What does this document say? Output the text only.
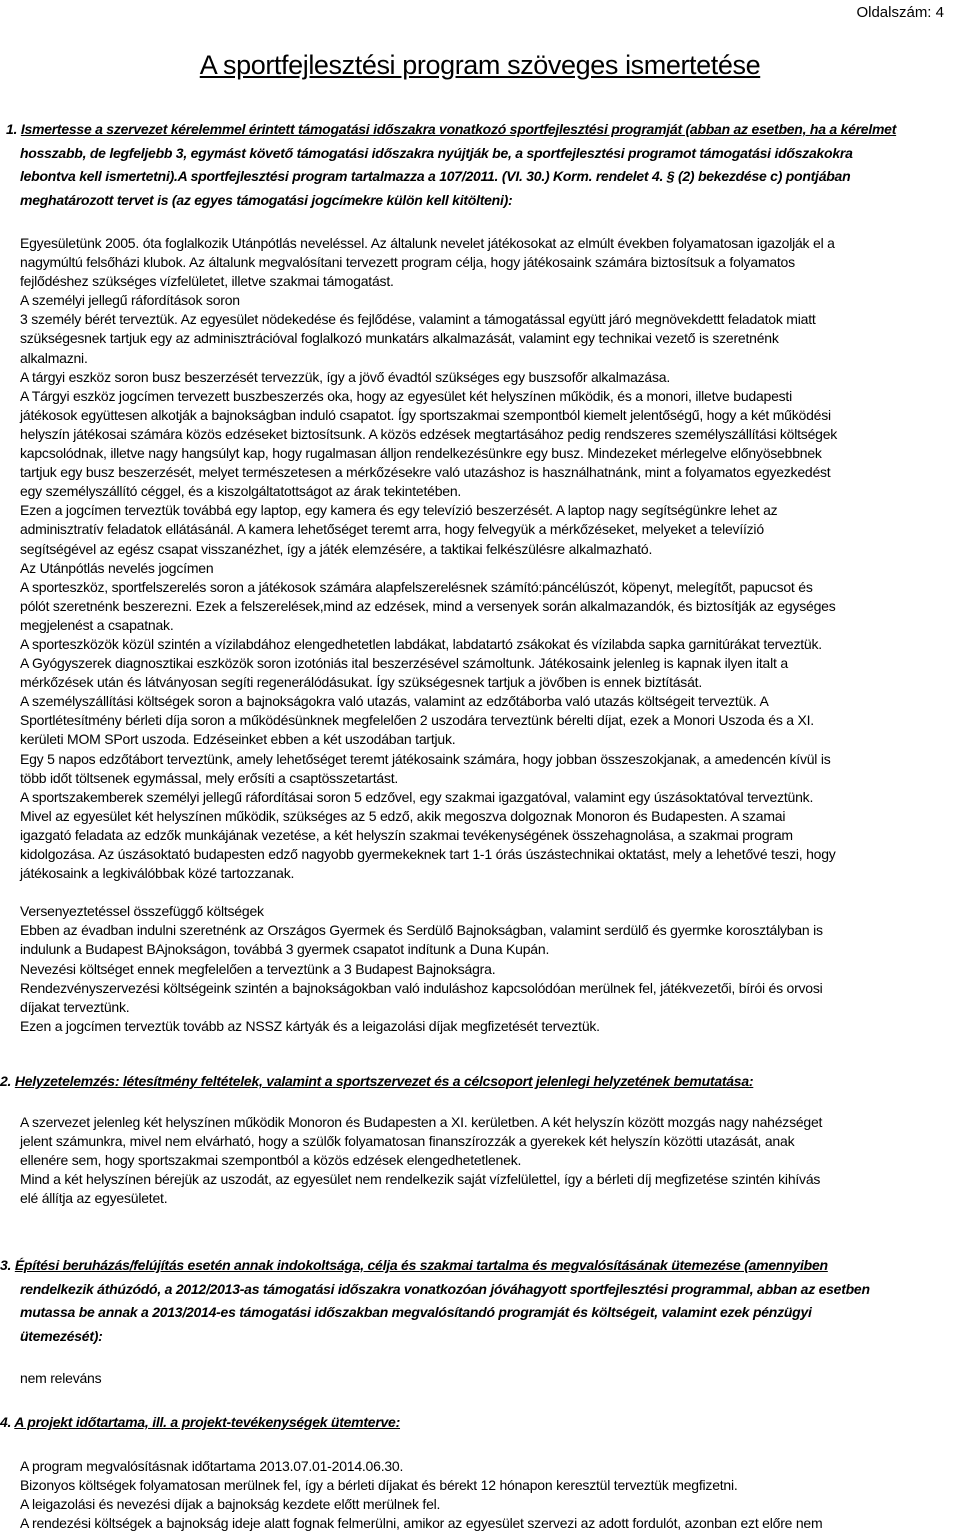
Oldalszám: 4
A sportfejlesztési program szöveges ismertetése
1. Ismertesse a szervezet kérelemmel érintett támogatási időszakra vonatkozó sportfejlesztési programját (abban az esetben, ha a kérelmet
hosszabb, de legfeljebb 3, egymást követő támogatási időszakra nyújtják be, a sportfejlesztési programot támogatási időszakokra
lebontva kell ismertetni).A sportfejlesztési program tartalmazza a 107/2011. (VI. 30.) Korm. rendelet 4. § (2) bekezdése c) pontjában
meghatározott tervet is (az egyes támogatási jogcímekre külön kell kitölteni):
Egyesületünk 2005. óta foglalkozik Utánpótlás neveléssel. Az általunk nevelet játékosokat az elmúlt években folyamatosan igazolják el a
nagymúltú felsőházi klubok. Az általunk megvalósítani tervezett program célja, hogy játékosaink számára biztosítsuk a folyamatos
fejlődéshez szükséges vízfelületet, illetve szakmai támogatást.
A személyi jellegű ráfordítások soron
3 személy bérét terveztük. Az egyesület nödekedése és fejlődése, valamint a támogatással együtt járó megnövekdettt feladatok miatt
szükségesnek tartjuk egy az adminisztrációval foglalkozó munkatárs alkalmazását, valamint egy technikai vezető is szeretnénk
alkalmazni.
A tárgyi eszköz soron busz beszerzését tervezzük, így a jövő évadtól szükséges egy buszsofőr alkalmazása.
A Tárgyi eszköz jogcímen tervezett buszbeszerzés oka, hogy az egyesület két helyszínen működik, és a monori, illetve budapesti
játékosok együttesen alkotják a bajnokságban induló csapatot. Így sportszakmai szempontból kiemelt jelentőségű, hogy a két működési
helyszín játékosai számára közös edzéseket biztosítsunk. A közös edzések megtartásához pedig rendszeres személyszállítási költségek
kapcsolódnak, illetve nagy hangsúlyt kap, hogy rugalmasan álljon rendelkezésünkre egy busz. Mindezeket mérlegelve előnyösebbnek
tartjuk egy busz beszerzését, melyet természetesen a mérkőzésekre való utazáshoz is használhatnánk, mint a folyamatos egyezkedést
egy személyszállító céggel, és a kiszolgáltatottságot az árak tekintetében.
Ezen a jogcímen terveztük továbbá egy laptop, egy kamera és egy televízió beszerzését. A laptop nagy segítségünkre lehet az
adminisztratív feladatok ellátásánál. A kamera lehetőséget teremt arra, hogy felvegyük a mérkőzéseket, melyeket a televíízió
segítségével az egész csapat visszanézhet, így a játék elemzésére, a taktikai felkészülésre alkalmazható.
Az Utánpótlás nevelés jogcímen
A sporteszköz, sportfelszerelés soron a játékosok számára alapfelszerelésnek számító:páncélúszót, köpenyt, melegítőt, papucsot és
pólót szeretnénk beszerezni. Ezek a felszerelések,mind az edzések, mind a versenyek során alkalmazandók, és biztosítják az egységes
megjelenést a csapatnak.
A sporteszközök közül szintén a vízilabdához elengedhetetlen labdákat, labdatartó zsákokat és vízilabda sapka garnitúrákat terveztük.
A Gyógyszerek diagnosztikai eszközök soron izotóniás ital beszerzésével számoltunk. Játékosaink jelenleg is kapnak ilyen italt a
mérkőzések után és látványosan segíti regenerálódásukat. Így szükségesnek tartjuk a jövőben is ennek biztítását.
A személyszállítási költségek soron a bajnokságokra való utazás, valamint az edzőtáborba való utazás költségeit terveztük. A
Sportlétesítmény bérleti díja soron a működésünknek megfelelően 2 uszodára terveztünk bérelti díjat, ezek a Monori Uszoda és a XI.
kerületi MOM SPort uszoda. Edzéseinket ebben a két uszodában tartjuk.
Egy 5 napos edzőtábort terveztünk, amely lehetőséget teremt játékosaink számára, hogy jobban összeszokjanak, a amedencén kívül is
több időt töltsenek egymással, mely erősíti a csaptösszetartást.
A sportszakemberek személyi jellegű ráfordításai soron 5 edzővel, egy szakmai igazgatóval, valamint egy úszásoktatóval terveztünk.
Mivel az egyesület két helyszínen működik, szükséges az 5 edző, akik megoszva dolgoznak Monoron és Budapesten. A szamai
igazgató feladata az edzők munkájának vezetése, a két helyszín szakmai tevékenységének összehagnolása, a szakmai program
kidolgozása. Az úszásoktató budapesten edző nagyobb gyermekeknek tart 1-1 órás úszástechnikai oktatást, mely a lehetővé teszi, hogy
játékosaink a legkiválóbbak közé tartozzanak.

Versenyeztetéssel összefüggő költségek
Ebben az évadban indulni szeretnénk az Országos Gyermek és Serdülő Bajnokságban, valamint serdülő és gyermke korosztályban is
indulunk a Budapest BAjnokságon, továbbá 3 gyermek csapatot indítunk a Duna Kupán.
Nevezési költséget ennek megfelelően a terveztünk a 3 Budapest Bajnokságra.
Rendezvényszervezési költségeink szintén a bajnokságokban való induláshoz kapcsolódóan merülnek fel, játékvezetői, bírói és orvosi
díjakat terveztünk.
Ezen a jogcímen terveztük tovább az NSSZ kártyák és a leigazolási díjak megfizetését terveztük.
2. Helyzetelemzés: létesítmény feltételek, valamint a sportszervezet és a célcsoport jelenlegi helyzetének bemutatása:
A szervezet jelenleg két helyszínen működik Monoron és Budapesten a XI. kerületben. A két helyszín között mozgás nagy nahézséget
jelent számunkra, mivel nem elvárható, hogy a szülők folyamatosan finanszírozzák a gyerekek két helyszín közötti utazását, anak
ellenére sem, hogy sportszakmai szempontból a közös edzések elengedhetetlenek.
Mind a két helyszínen bérejük az uszodát, az egyesület nem rendelkezik saját vízfelülettel, így a bérleti díj megfizetése szintén kihívás
elé állítja az egyesületet.
3. Építési beruházás/felújítás esetén annak indokoltsága, célja és szakmai tartalma és megvalósításának ütemezése (amennyiben
rendelkezik áthúzódó, a 2012/2013-as támogatási időszakra vonatkozóan jóváhagyott sportfejlesztési programmal, abban az esetben
mutassa be annak a 2013/2014-es támogatási időszakban megvalósítandó programját és költségeit, valamint ezek pénzügyi
ütemezését):
nem releváns
4. A projekt időtartama, ill. a projekt-tevékenységek ütemterve:
A program megvalósításnak időtartama 2013.07.01-2014.06.30.
Bizonyos költségek folyamatosan merülnek fel, így a bérleti díjakat és bérekt 12 hónapon keresztül terveztük megfizetni.
A leigazolási és nevezési díjak a bajnokság kezdete előtt merülnek fel.
A rendezési költségek a bajnokság ideje alatt fognak felmerülni, amikor az egyesület szervezi az adott fordulót, azonban ezt előre nem
